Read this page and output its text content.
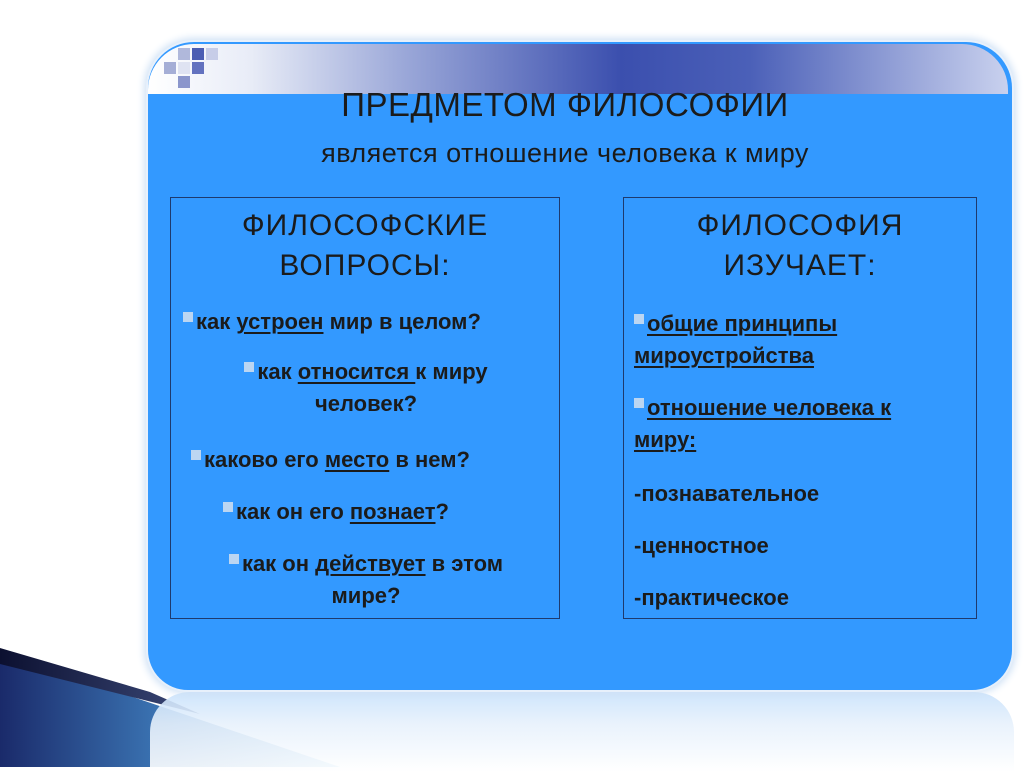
ПРЕДМЕТОМ ФИЛОСОФИИ
является отношение человека к миру
ФИЛОСОФСКИЕ
ВОПРОСЫ:
как устроен мир в целом?
как относится к миру
человек?
каково его место в нем?
как он его познает?
как он действует в этом
мире?
ФИЛОСОФИЯ
ИЗУЧАЕТ:
общие принципы
мироустройства
отношение человека к
миру:
-познавательное
-ценностное
-практическое
